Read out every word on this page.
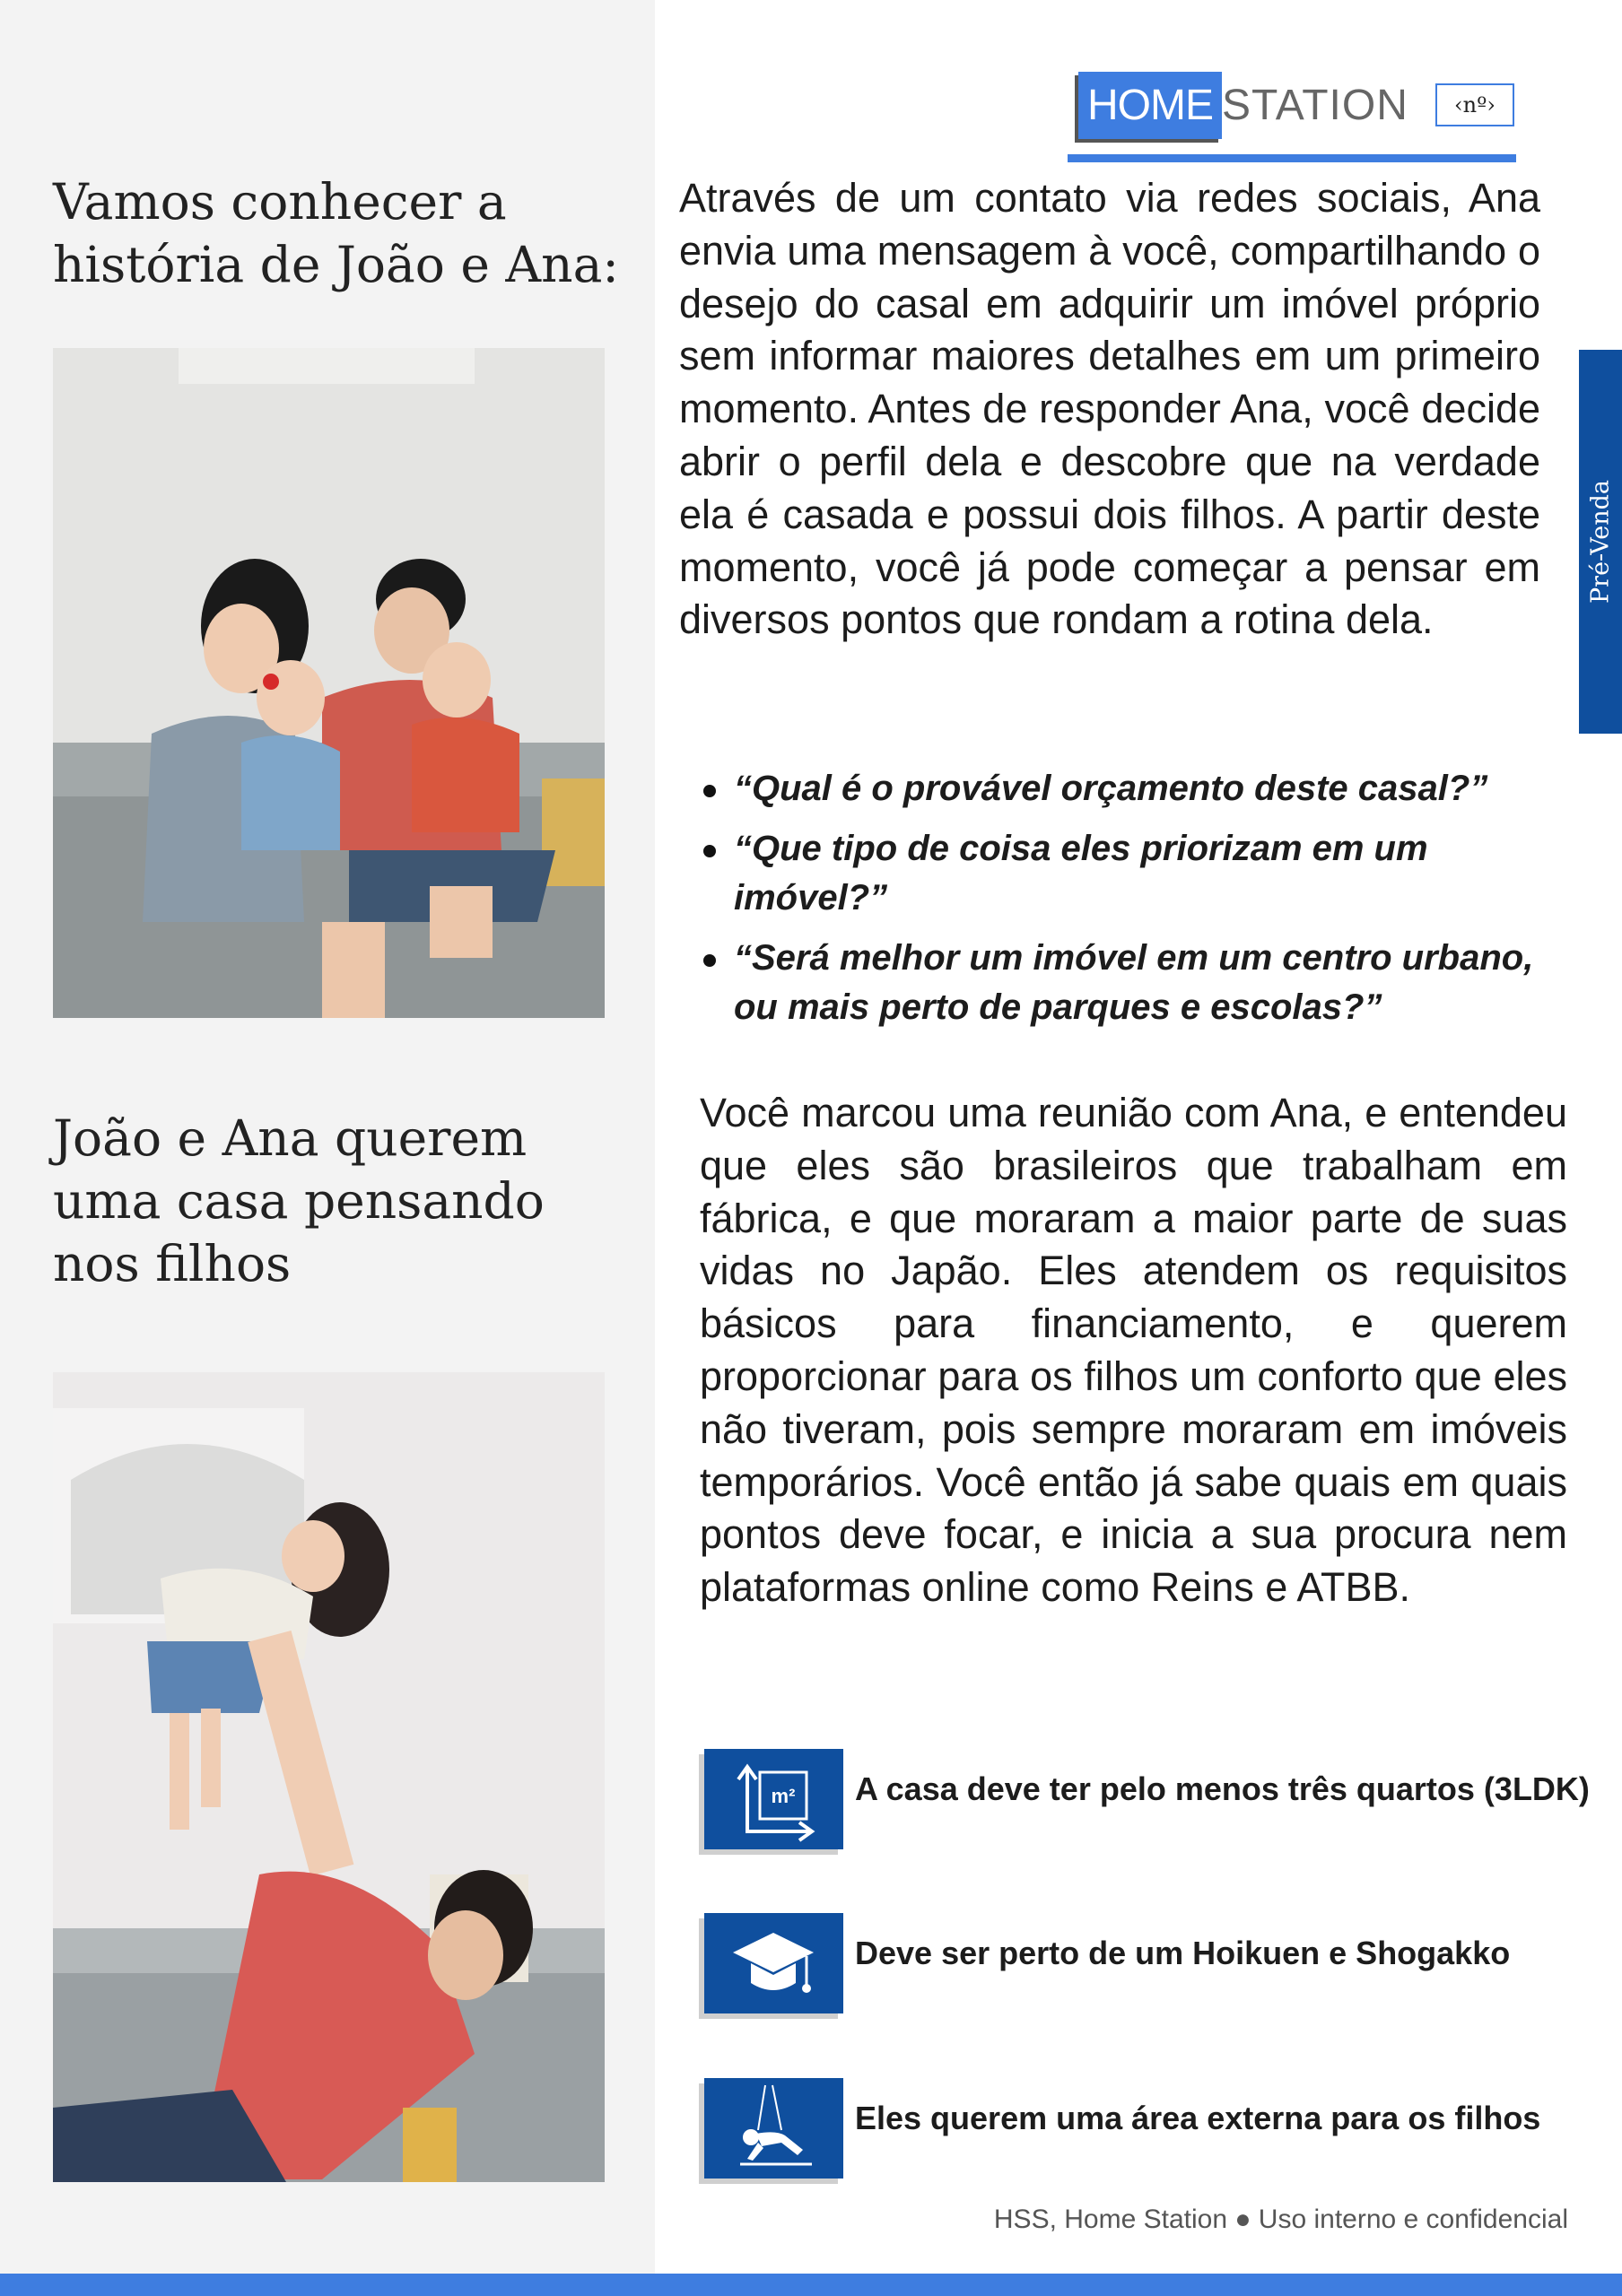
Vamos conhecer a história de João e Ana:
João e Ana querem uma casa pensando nos filhos
HOME STATION	‹nº›
Pré-Venda

Através de um contato via redes sociais, Ana envia uma mensagem à você, compartilhando o desejo do casal em adquirir um imóvel próprio sem informar maiores detalhes em um primeiro momento. Antes de responder Ana, você decide abrir o perfil dela e descobre que na verdade ela é casada e possui dois filhos. A partir deste momento, você já pode começar a pensar em diversos pontos que rondam a rotina dela.

“Qual é o provável orçamento deste casal?”
“Que tipo de coisa eles priorizam em um imóvel?”
“Será melhor um imóvel em um centro urbano, ou mais perto de parques e escolas?”

Você marcou uma reunião com Ana, e entendeu que eles são brasileiros que trabalham em fábrica, e que moraram a maior parte de suas vidas no Japão. Eles atendem os requisitos básicos para financiamento, e querem proporcionar para os filhos um conforto que eles não tiveram, pois sempre moraram em imóveis temporários. Você então já sabe quais em quais pontos deve focar, e inicia a sua procura nem plataformas online como Reins e ATBB.

m² A casa deve ter pelo menos três quartos (3LDK)
Deve ser perto de um Hoikuen e Shogakko
Eles querem uma área externa para os filhos
HSS, Home Station ● Uso interno e confidencial
